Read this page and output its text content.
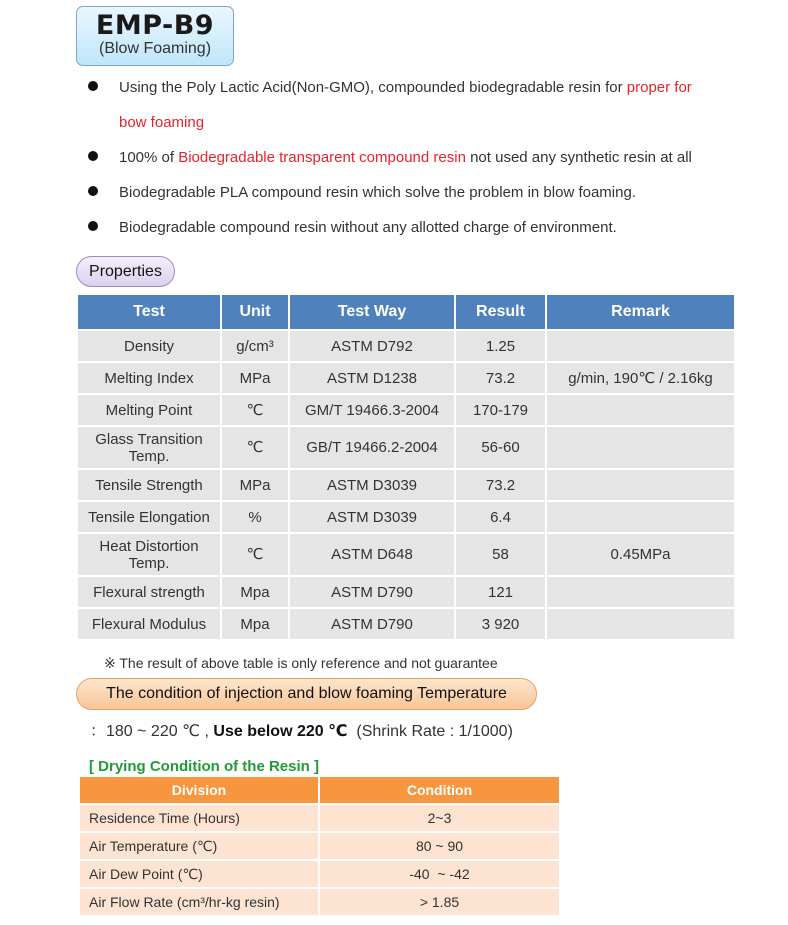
EMP-B9
(Blow Foaming)
Using the Poly Lactic Acid(Non-GMO), compounded biodegradable resin for proper for
bow foaming
100% of Biodegradable transparent compound resin not used any synthetic resin at all
Biodegradable PLA compound resin which solve the problem in blow foaming.
Biodegradable compound resin without any allotted charge of environment.
Properties
Test	Unit	Test Way	Result	Remark
Density	g/cm³	ASTM D792	1.25	
Melting Index	MPa	ASTM D1238	73.2	g/min, 190℃ / 2.16kg
Melting Point	℃	GM/T 19466.3-2004	170-179	
Glass Transition Temp.	℃	GB/T 19466.2-2004	56-60	
Tensile Strength	MPa	ASTM D3039	73.2	
Tensile Elongation	%	ASTM D3039	6.4	
Heat Distortion Temp.	℃	ASTM D648	58	0.45MPa
Flexural strength	Mpa	ASTM D790	121	
Flexural Modulus	Mpa	ASTM D790	3 920	
※ The result of above table is only reference and not guarantee
The condition of injection and blow foaming Temperature
：180 ~ 220 ℃ , Use below 220 ℃  (Shrink Rate : 1/1000)
[ Drying Condition of the Resin ]
Division	Condition
Residence Time (Hours)	2~3
Air Temperature (℃)	80 ~ 90
Air Dew Point (℃)	-40  ~ -42
Air Flow Rate (cm³/hr-kg resin)	> 1.85
